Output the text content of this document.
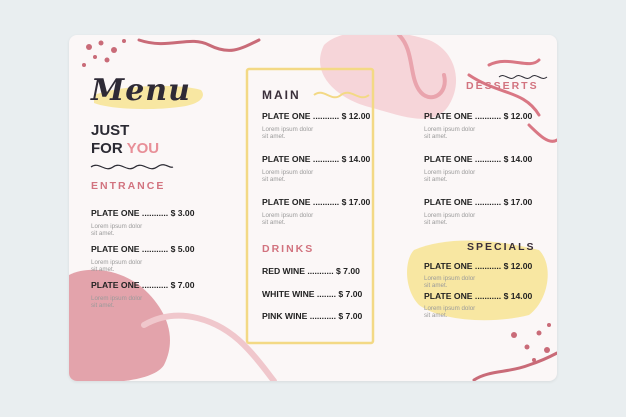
Menu
JUST
FOR YOU
ENTRANCE
PLATE ONE ........... $ 3.00
Lorem ipsum dolor
sit amet.
PLATE ONE ........... $ 5.00
Lorem ipsum dolor
sit amet.
PLATE ONE ........... $ 7.00
Lorem ipsum dolor
sit amet.
MAIN
PLATE ONE ........... $ 12.00
Lorem ipsum dolor
sit amet.
PLATE ONE ........... $ 14.00
Lorem ipsum dolor
sit amet.
PLATE ONE ........... $ 17.00
Lorem ipsum dolor
sit amet.
DRINKS
RED WINE ........... $ 7.00
WHITE WINE ........ $ 7.00
PINK WINE ........... $ 7.00
DESSERTS
PLATE ONE ........... $ 12.00
Lorem ipsum dolor
sit amet.
PLATE ONE ........... $ 14.00
Lorem ipsum dolor
sit amet.
PLATE ONE ........... $ 17.00
Lorem ipsum dolor
sit amet.
SPECIALS
PLATE ONE ........... $ 12.00
Lorem ipsum dolor
sit amet.
PLATE ONE ........... $ 14.00
Lorem ipsum dolor
sit amet.
